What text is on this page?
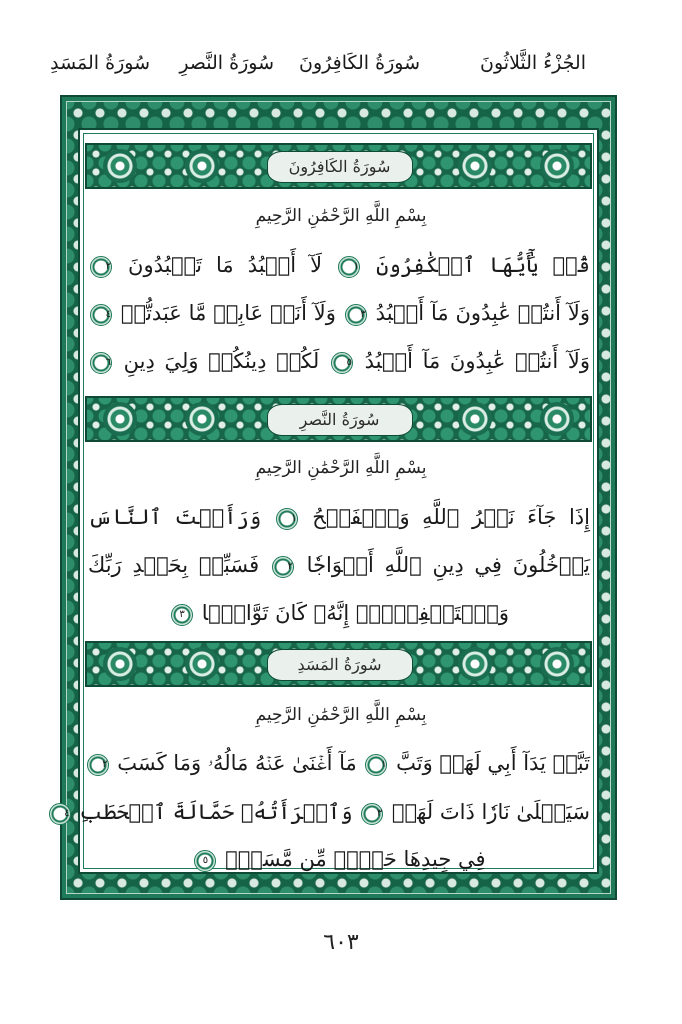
الجُزْءُ الثَّلاثُونَ
سُورَةُ الكَافِرُونَ
سُورَةُ النَّصرِ
سُورَةُ المَسَدِ
سُورَةُ الكَافِرُونَ
بِسْمِ اللَّهِ الرَّحْمَٰنِ الرَّحِيمِ
قُلۡ يَٰٓأَيُّهَا ٱلۡكَٰفِرُونَ ١ لَآ أَعۡبُدُ مَا تَعۡبُدُونَ ٢
وَلَآ أَنتُمۡ عَٰبِدُونَ مَآ أَعۡبُدُ ٣ وَلَآ أَنَا۠ عَابِدٞ مَّا عَبَدتُّمۡ ٤
وَلَآ أَنتُمۡ عَٰبِدُونَ مَآ أَعۡبُدُ ٥ لَكُمۡ دِينُكُمۡ وَلِيَ دِينِ ٦
سُورَةُ النَّصرِ
بِسْمِ اللَّهِ الرَّحْمَٰنِ الرَّحِيمِ
إِذَا جَآءَ نَصۡرُ ٱللَّهِ وَٱلۡفَتۡحُ ١ وَرَأَيۡتَ ٱلنَّاسَ
يَدۡخُلُونَ فِي دِينِ ٱللَّهِ أَفۡوَاجٗا ٢ فَسَبِّحۡ بِحَمۡدِ رَبِّكَ
وَٱسۡتَغۡفِرۡهُۚ إِنَّهُۥ كَانَ تَوَّابَۢا ٣
سُورَةُ المَسَدِ
بِسْمِ اللَّهِ الرَّحْمَٰنِ الرَّحِيمِ
تَبَّتۡ يَدَآ أَبِي لَهَبٖ وَتَبَّ ١ مَآ أَغۡنَىٰ عَنۡهُ مَالُهُۥ وَمَا كَسَبَ ٢
سَيَصۡلَىٰ نَارٗا ذَاتَ لَهَبٖ ٣ وَٱمۡرَأَتُهُۥ حَمَّالَةَ ٱلۡحَطَبِ ٤
فِي جِيدِهَا حَبۡلٞ مِّن مَّسَدِۭ ٥
٦٠٣
